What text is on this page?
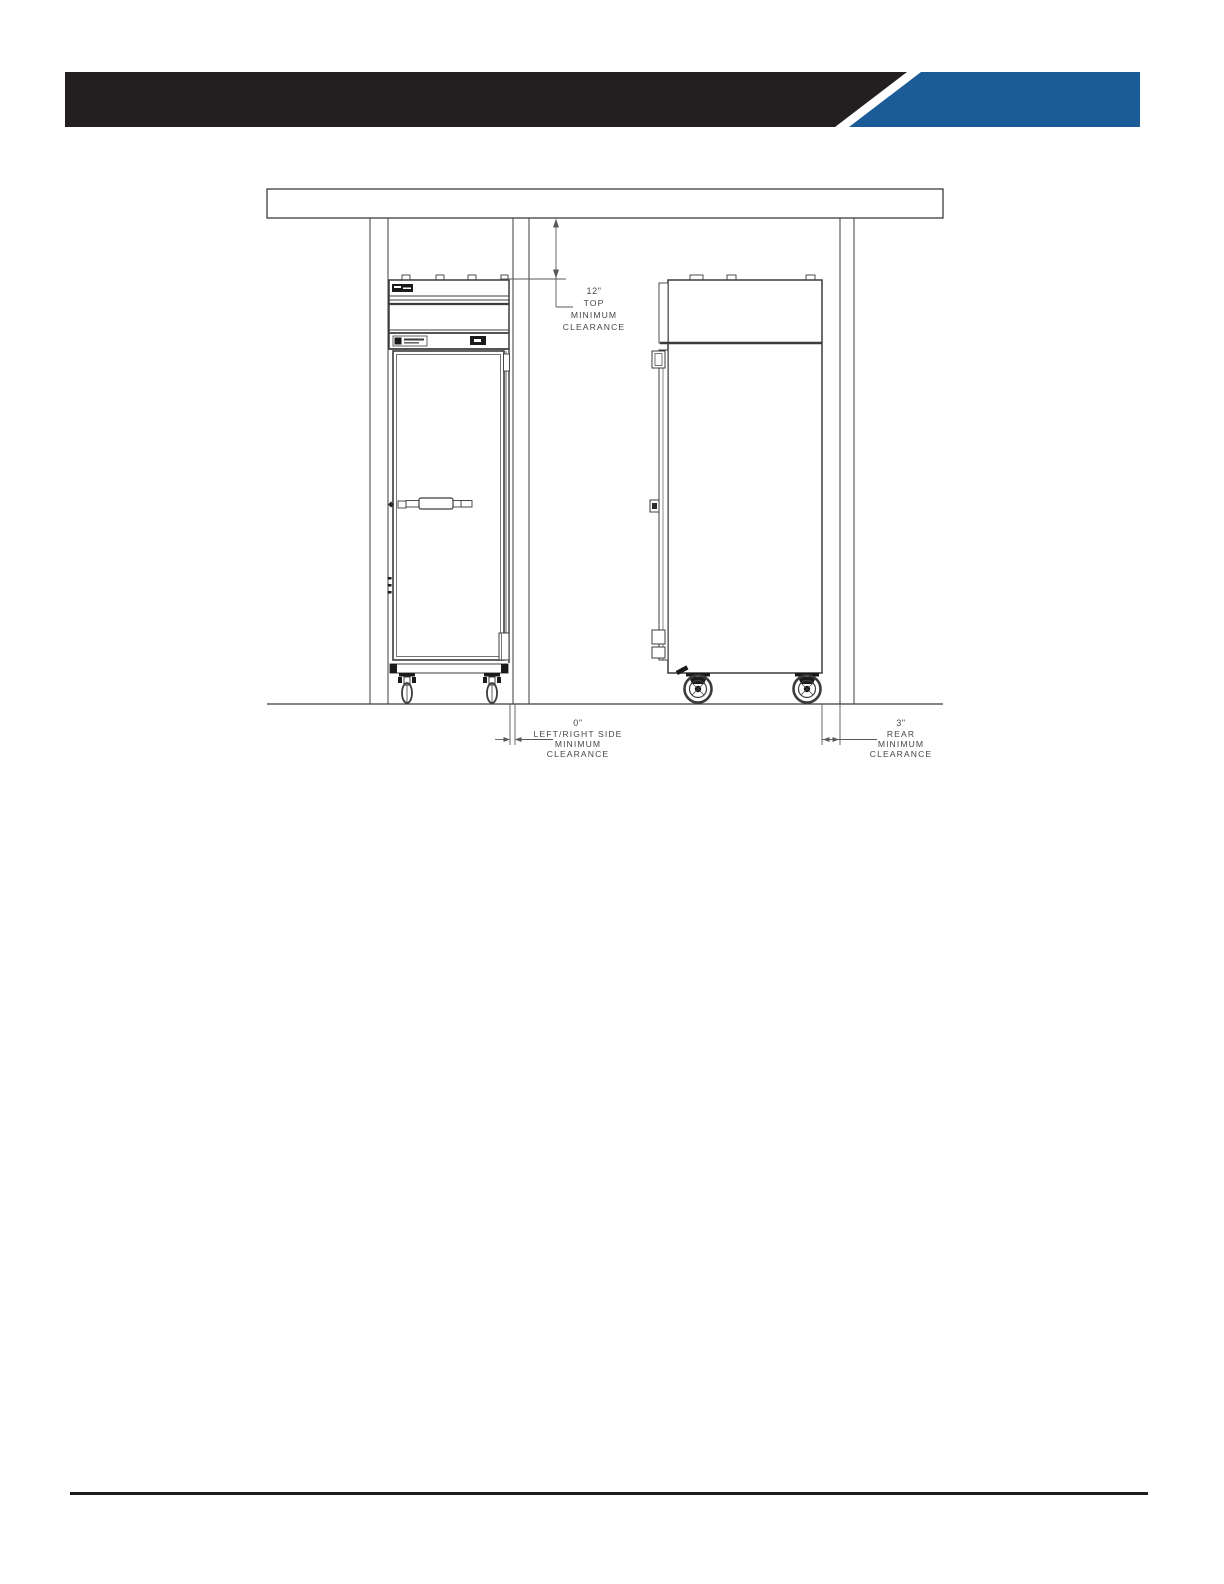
12"
TOP
MINIMUM
CLEARANCE
0"
LEFT/RIGHT SIDE
MINIMUM
CLEARANCE
3"
REAR
MINIMUM
CLEARANCE
